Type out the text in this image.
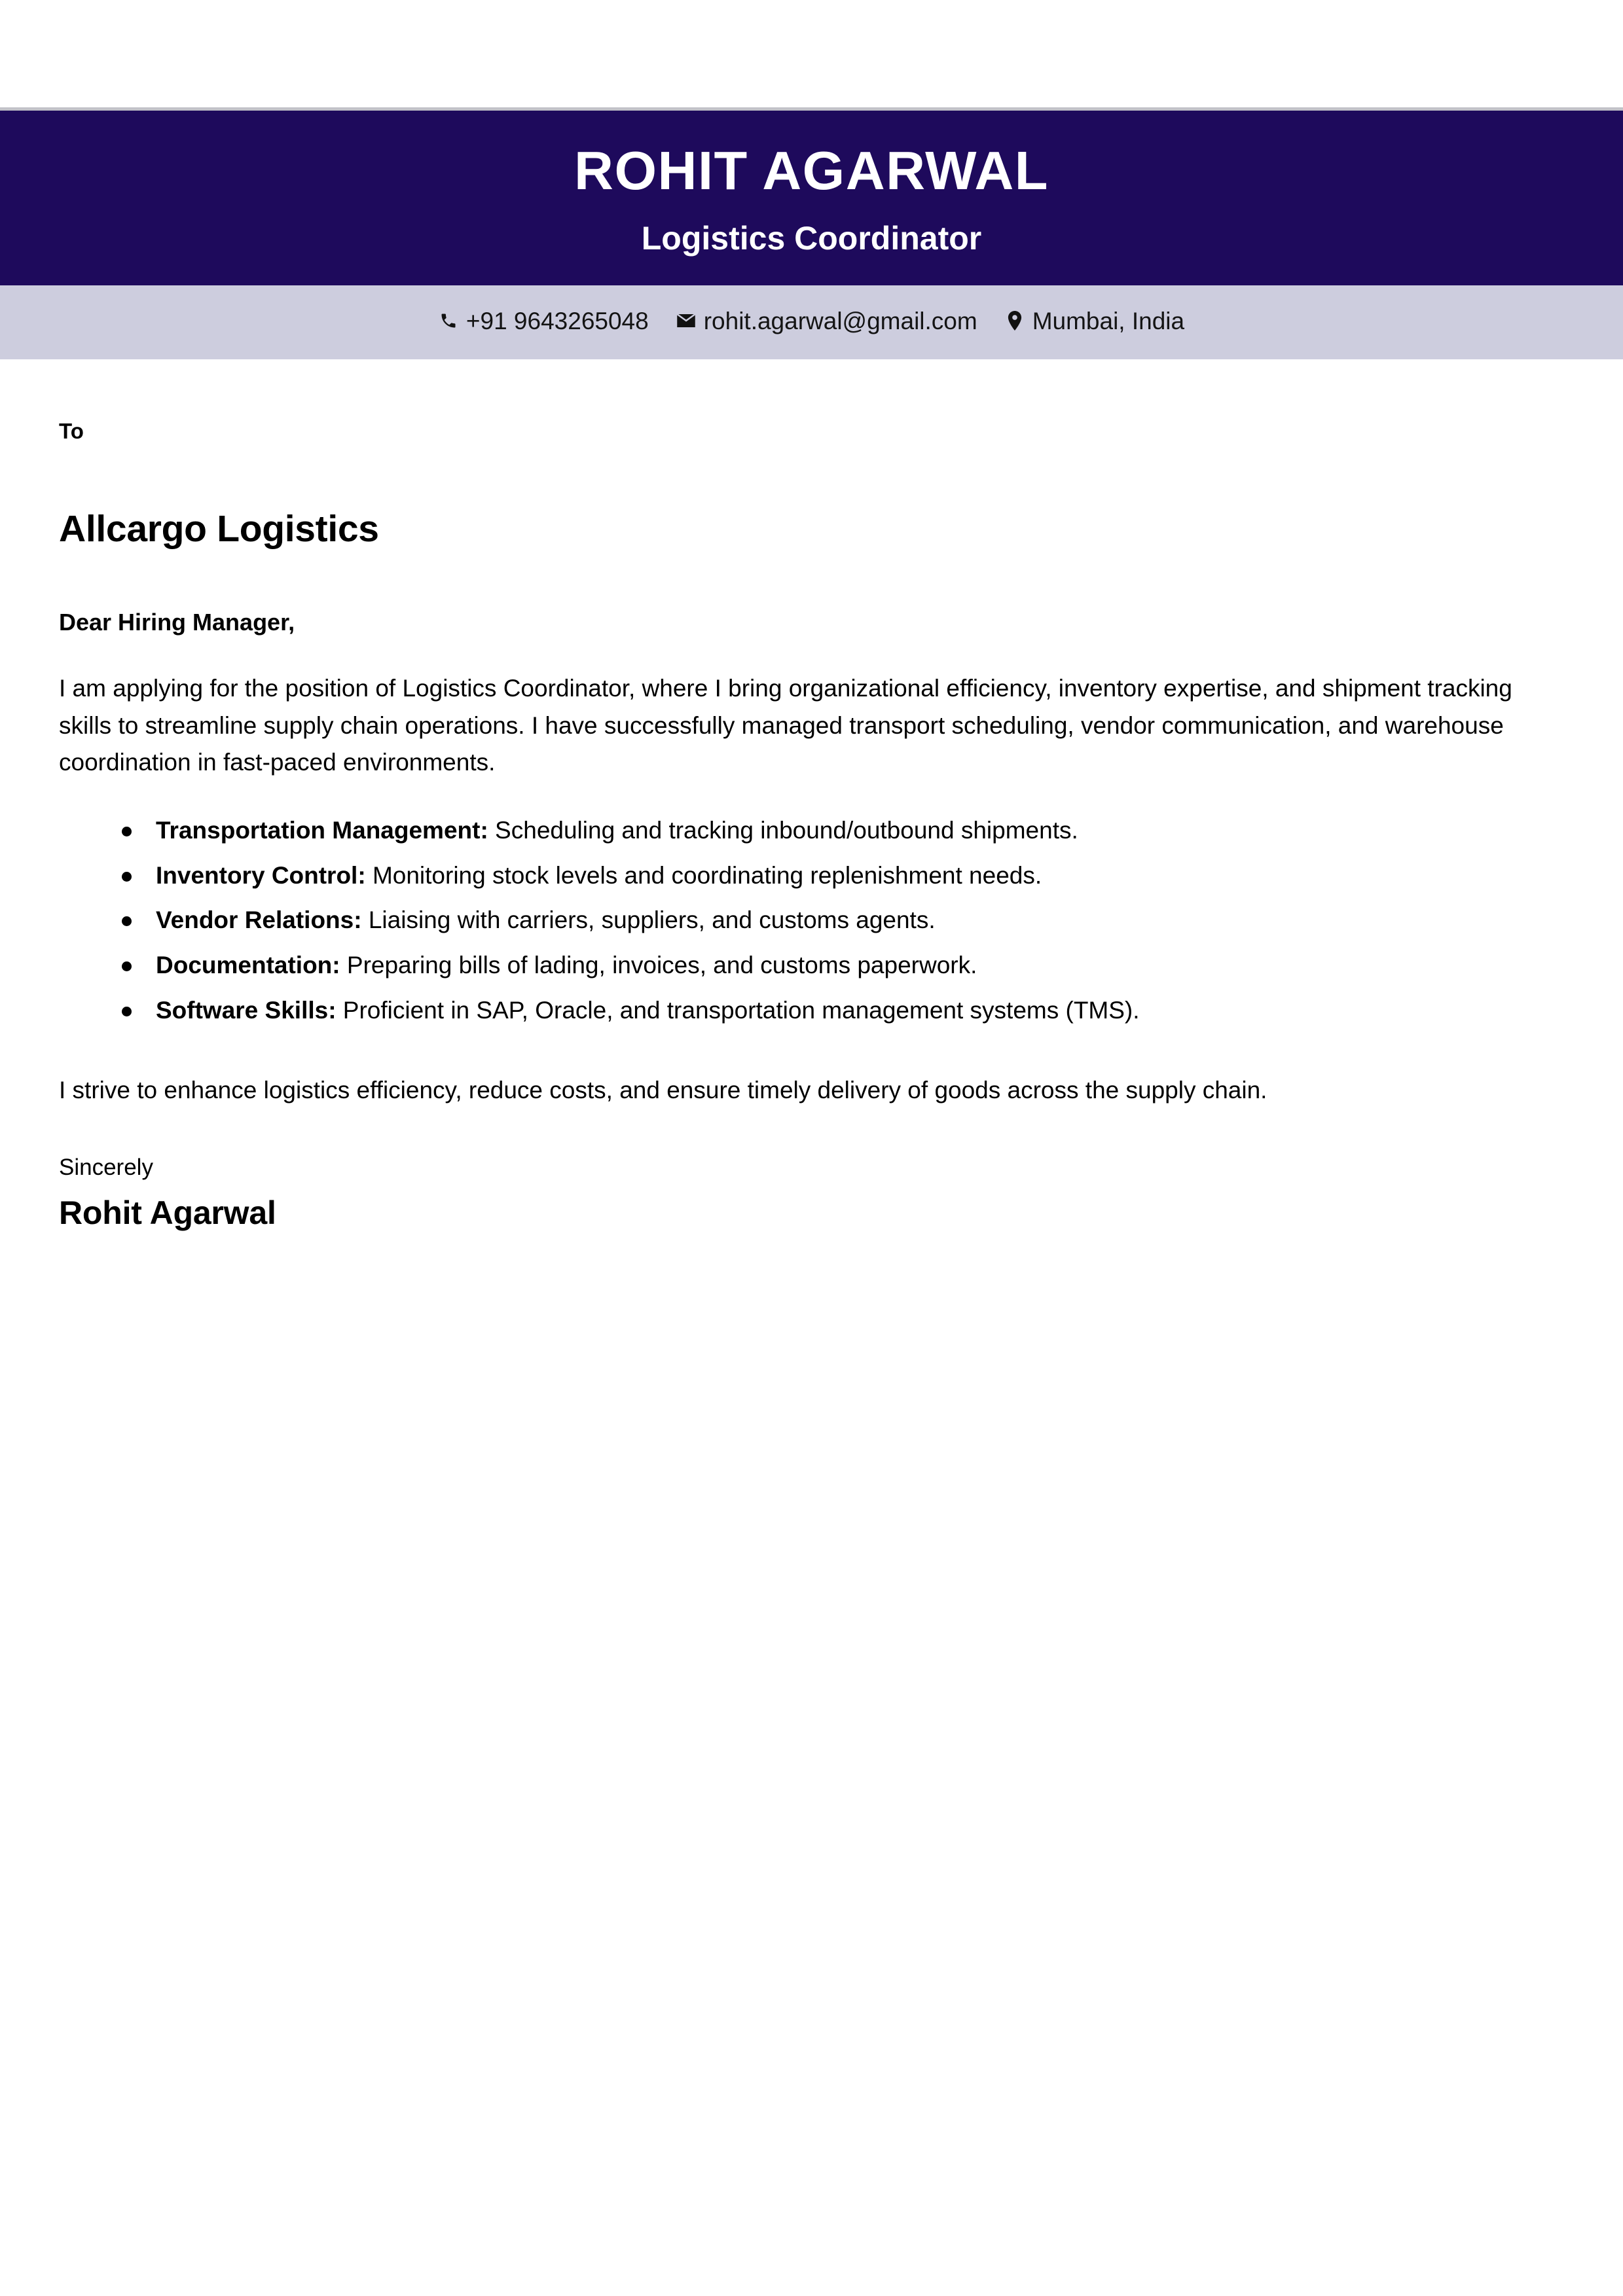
ROHIT AGARWAL
Logistics Coordinator
+91 9643265048 rohit.agarwal@gmail.com Mumbai, India

To

Allcargo Logistics

Dear Hiring Manager,

I am applying for the position of Logistics Coordinator, where I bring organizational efficiency, inventory expertise, and shipment tracking skills to streamline supply chain operations. I have successfully managed transport scheduling, vendor communication, and warehouse coordination in fast-paced environments.

Transportation Management: Scheduling and tracking inbound/outbound shipments.
Inventory Control: Monitoring stock levels and coordinating replenishment needs.
Vendor Relations: Liaising with carriers, suppliers, and customs agents.
Documentation: Preparing bills of lading, invoices, and customs paperwork.
Software Skills: Proficient in SAP, Oracle, and transportation management systems (TMS).

I strive to enhance logistics efficiency, reduce costs, and ensure timely delivery of goods across the supply chain.

Sincerely

Rohit Agarwal
